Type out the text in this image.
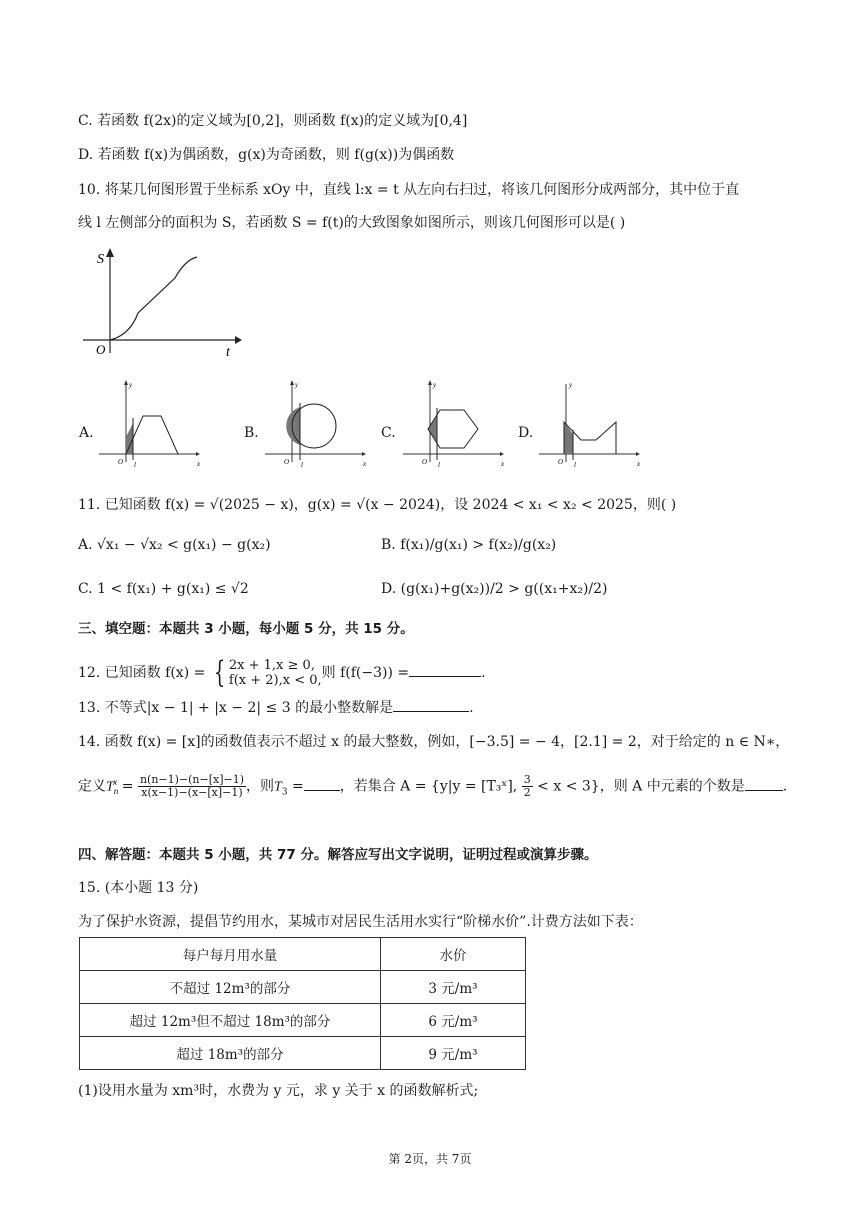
C. 若函数 f(2x)的定义域为[0,2]，则函数 f(x)的定义域为[0,4]
D. 若函数 f(x)为偶函数，g(x)为奇函数，则 f(g(x))为偶函数
10. 将某几何图形置于坐标系 xOy 中，直线 l:x = t 从左向右扫过，将该几何图形分成两部分，其中位于直
线 l 左侧部分的面积为 S，若函数 S = f(t)的大致图象如图所示，则该几何图形可以是( )
S
O	t
A.
y
O	x
l
B.
y
O	x
l
C.
y
O	x
l
D.
y
O	x
l
11. 已知函数 f(x) = √(2025 − x)，g(x) = √(x − 2024)，设 2024 < x₁ < x₂ < 2025，则( )
A. √x₁ − √x₂ < g(x₁) − g(x₂)	B. f(x₁)/g(x₁) > f(x₂)/g(x₂)
C. 1 < f(x₁) + g(x₁) ≤ √2	D. (g(x₁)+g(x₂))/2 > g((x₁+x₂)/2)
三、填空题：本题共 3 小题，每小题 5 分，共 15 分。
12. 已知函数 f(x) = { 2x + 1,x ≥ 0,
f(x + 2),x < 0, 则 f(f(−3)) =	.
13. 不等式|x − 1| + |x − 2| ≤ 3 的最小整数解是	.
14. 函数 f(x) = [x]的函数值表示不超过 x 的最大整数，例如，[−3.5] = − 4，[2.1] = 2，对于给定的 n ∈ N∗，
定义$T_n^x = \frac{n(n-1)-(n-[x]-1)}{x(x-1)-(x-[x]-1)}$ ，则$T_3$ =	，若集合 A = {y|y = [T₃ˣ], $\frac{3}{2} < x < 3$}，则 A 中元素的个数是	.
四、解答题：本题共 5 小题，共 77 分。解答应写出文字说明，证明过程或演算步骤。
15. (本小题 13 分)
为了保护水资源，提倡节约用水，某城市对居民生活用水实行“阶梯水价”.计费方法如下表：
每户每月用水量	水价
不超过 12m³的部分	3 元/m³
超过 12m³但不超过 18m³的部分	6 元/m³
超过 18m³的部分	9 元/m³
(1)设用水量为 xm³时，水费为 y 元，求 y 关于 x 的函数解析式;
第 2页，共 7页
